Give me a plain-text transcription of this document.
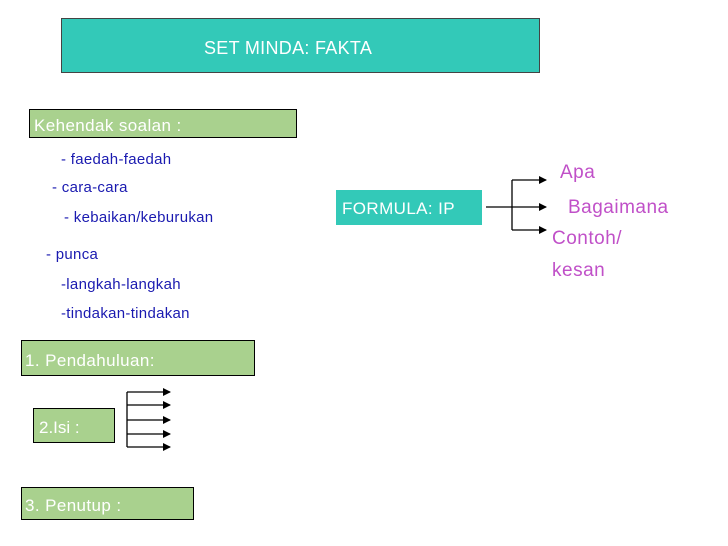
SET MINDA: FAKTA
Kehendak soalan :
- faedah-faedah
- cara-cara
- kebaikan/keburukan
- punca
-langkah-langkah
-tindakan-tindakan
FORMULA: IP
Apa
Bagaimana
Contoh/
kesan
1. Pendahuluan:
2.Isi :
3. Penutup :
